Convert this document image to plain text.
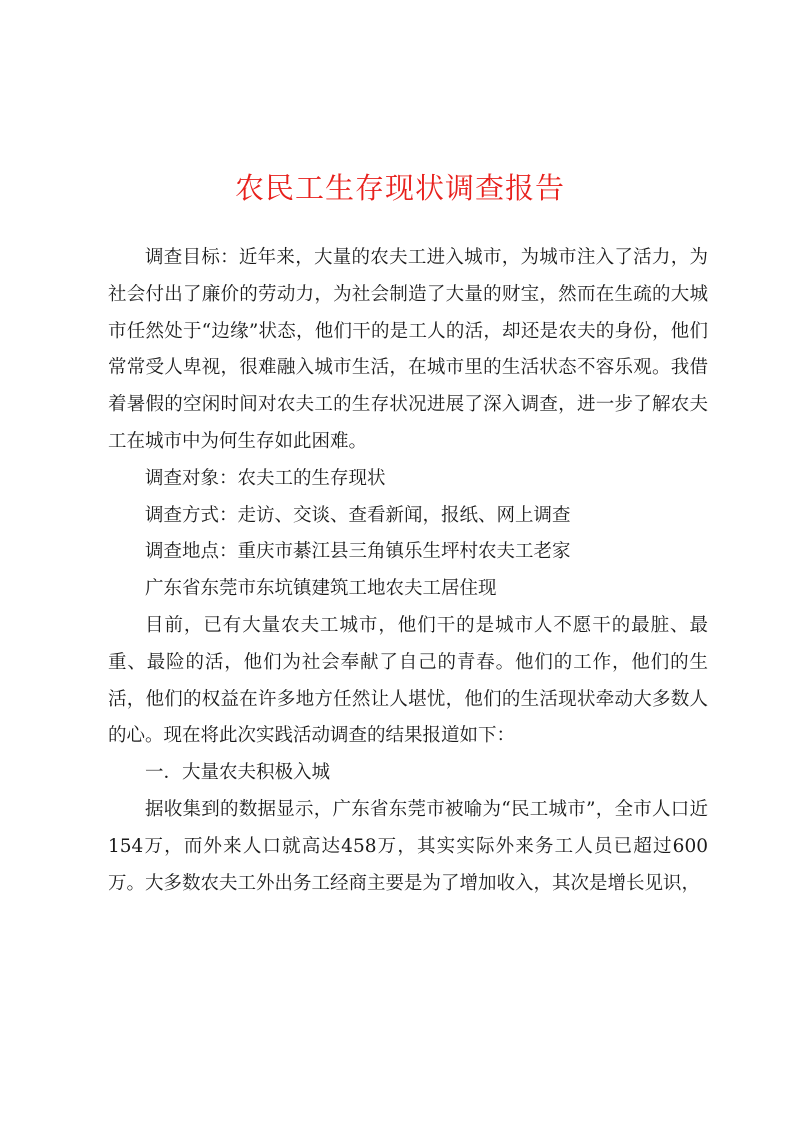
农民工生存现状调查报告

调查目标：近年来，大量的农夫工进入城市，为城市注入了活力，为社会付出了廉价的劳动力，为社会制造了大量的财宝，然而在生疏的大城市任然处于“边缘”状态，他们干的是工人的活，却还是农夫的身份，他们常常受人卑视，很难融入城市生活，在城市里的生活状态不容乐观。我借着暑假的空闲时间对农夫工的生存状况进展了深入调查，进一步了解农夫工在城市中为何生存如此困难。

调查对象：农夫工的生存现状

调查方式：走访、交谈、查看新闻，报纸、网上调查

调查地点：重庆市綦江县三角镇乐生坪村农夫工老家

广东省东莞市东坑镇建筑工地农夫工居住现

目前，已有大量农夫工城市，他们干的是城市人不愿干的最脏、最重、最险的活，他们为社会奉献了自己的青春。他们的工作，他们的生活，他们的权益在许多地方任然让人堪忧，他们的生活现状牵动大多数人的心。现在将此次实践活动调查的结果报道如下：

一．大量农夫积极入城

据收集到的数据显示，广东省东莞市被喻为“民工城市”，全市人口近154万，而外来人口就高达458万，其实实际外来务工人员已超过600万。大多数农夫工外出务工经商主要是为了增加收入，其次是增长见识，
